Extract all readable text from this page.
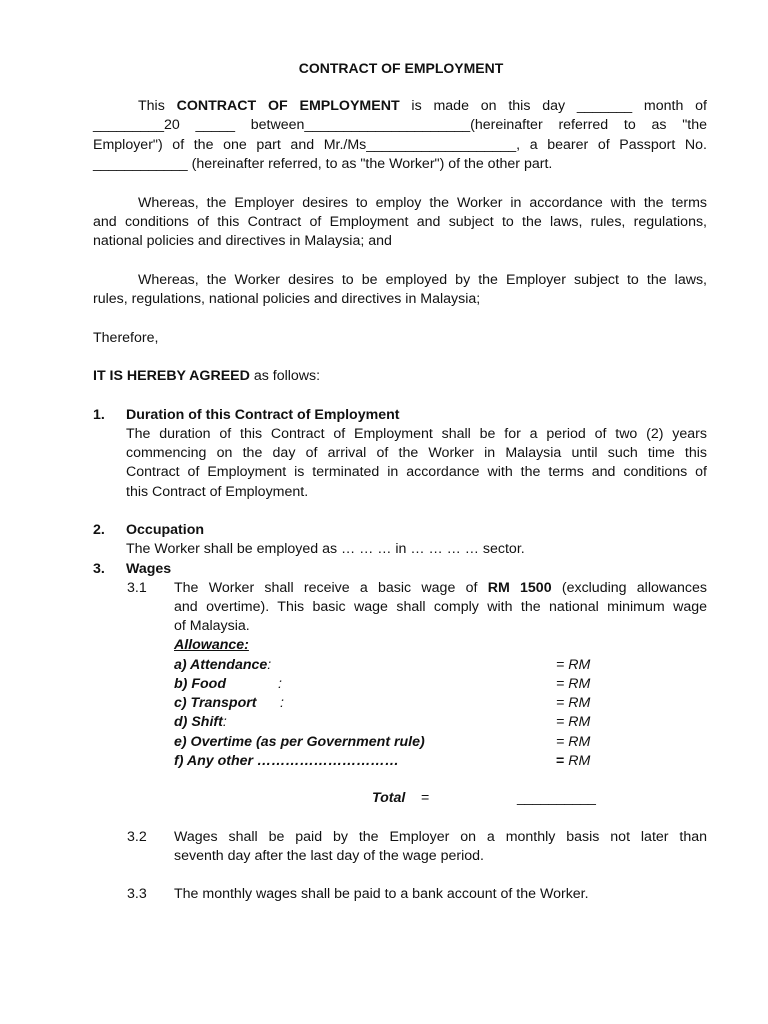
CONTRACT OF EMPLOYMENT
This CONTRACT OF EMPLOYMENT is made on this day _______ month of
_________20 _____ between_____________________(hereinafter referred to as "the
Employer") of the one part and Mr./Ms___________________, a bearer of Passport No.
____________ (hereinafter referred, to as "the Worker") of the other part.
Whereas, the Employer desires to employ the Worker in accordance with the terms
and conditions of this Contract of Employment and subject to the laws, rules, regulations,
national policies and directives in Malaysia; and
Whereas, the Worker desires to be employed by the Employer subject to the laws,
rules, regulations, national policies and directives in Malaysia;
Therefore,
IT IS HEREBY AGREED as follows:
1. Duration of this Contract of Employment
The duration of this Contract of Employment shall be for a period of two (2) years
commencing on the day of arrival of the Worker in Malaysia until such time this
Contract of Employment is terminated in accordance with the terms and conditions of
this Contract of Employment.
2. Occupation
The Worker shall be employed as … … … in … … … … sector.
3. Wages
3.1 The Worker shall receive a basic wage of RM 1500 (excluding allowances
and overtime). This basic wage shall comply with the national minimum wage
of Malaysia.
Allowance:
a) Attendance:	= RM
b) Food	:	= RM
c) Transport :	= RM
d) Shift:	= RM
e) Overtime (as per Government rule)	= RM
f) Any other …………………………	= RM
Total =	__________
3.2 Wages shall be paid by the Employer on a monthly basis not later than
seventh day after the last day of the wage period.
3.3 The monthly wages shall be paid to a bank account of the Worker.
